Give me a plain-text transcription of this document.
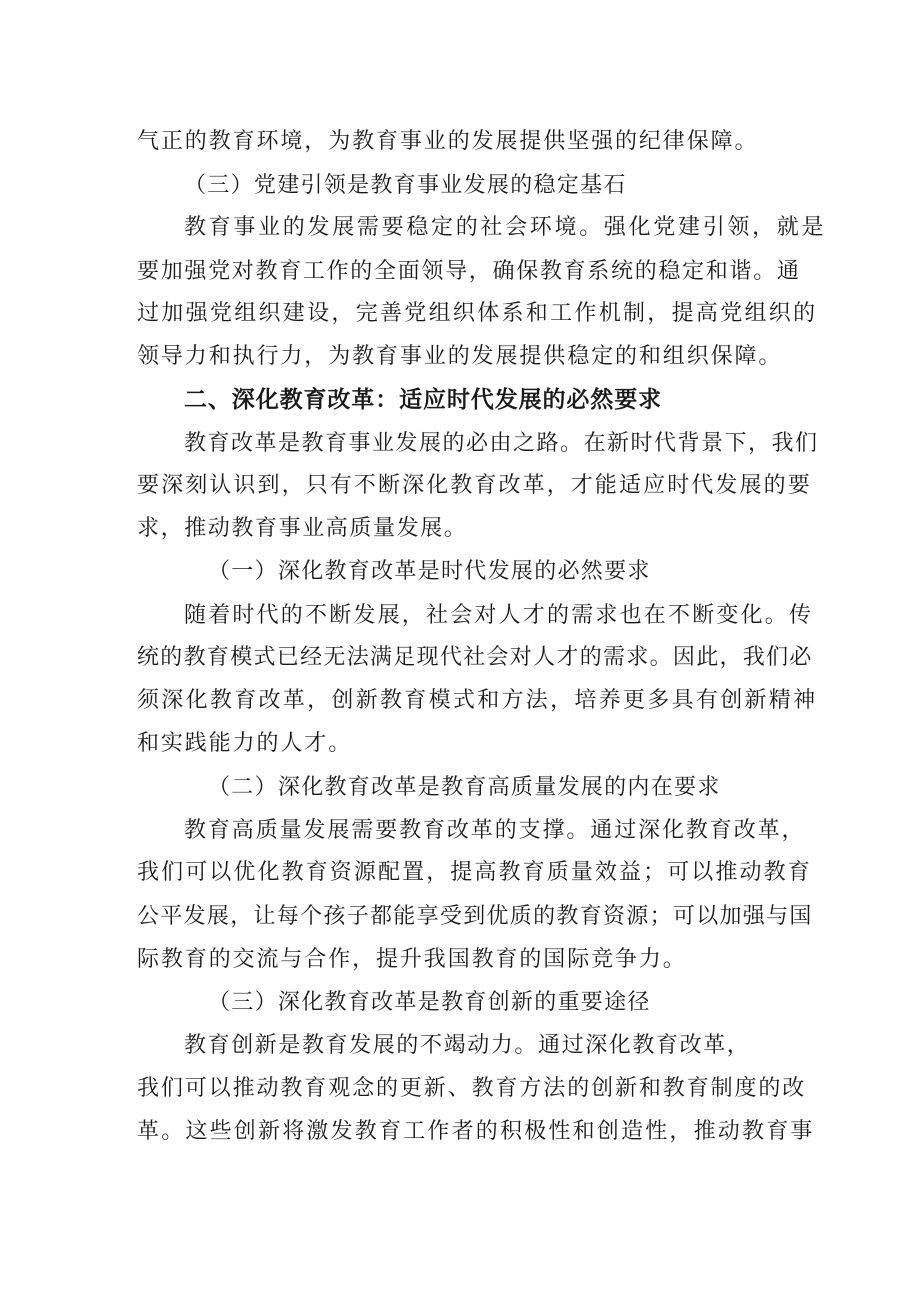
气正的教育环境，为教育事业的发展提供坚强的纪律保障。
（三）党建引领是教育事业发展的稳定基石
教育事业的发展需要稳定的社会环境。强化党建引领，就是
要加强党对教育工作的全面领导，确保教育系统的稳定和谐。通
过加强党组织建设，完善党组织体系和工作机制，提高党组织的
领导力和执行力，为教育事业的发展提供稳定的和组织保障。
二、深化教育改革：适应时代发展的必然要求
教育改革是教育事业发展的必由之路。在新时代背景下，我们
要深刻认识到，只有不断深化教育改革，才能适应时代发展的要
求，推动教育事业高质量发展。
（一）深化教育改革是时代发展的必然要求
随着时代的不断发展，社会对人才的需求也在不断变化。传
统的教育模式已经无法满足现代社会对人才的需求。因此，我们必
须深化教育改革，创新教育模式和方法，培养更多具有创新精神
和实践能力的人才。
（二）深化教育改革是教育高质量发展的内在要求
教育高质量发展需要教育改革的支撑。通过深化教育改革，
我们可以优化教育资源配置，提高教育质量效益；可以推动教育
公平发展，让每个孩子都能享受到优质的教育资源；可以加强与国
际教育的交流与合作，提升我国教育的国际竞争力。
（三）深化教育改革是教育创新的重要途径
教育创新是教育发展的不竭动力。通过深化教育改革，
我们可以推动教育观念的更新、教育方法的创新和教育制度的改
革。这些创新将激发教育工作者的积极性和创造性，推动教育事
